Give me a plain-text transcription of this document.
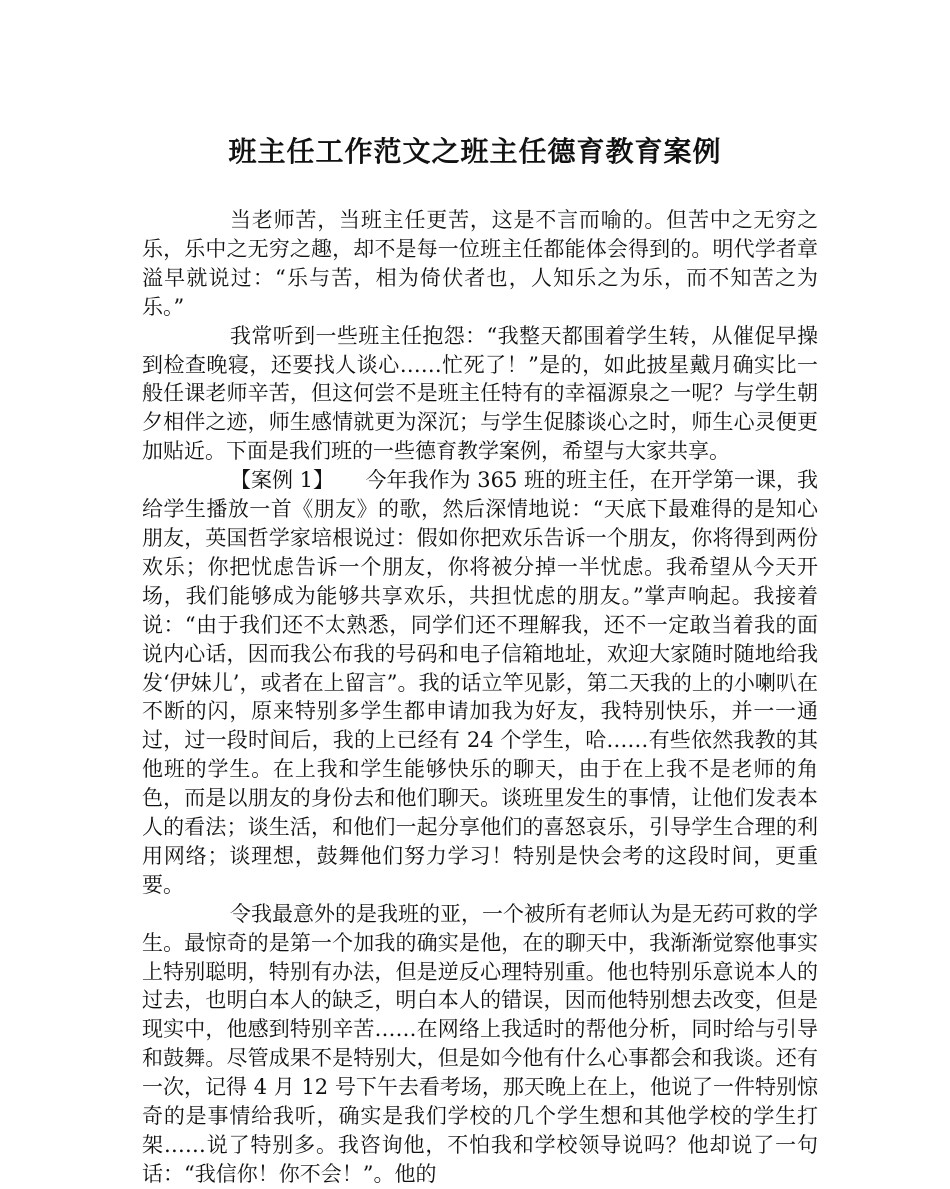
班主任工作范文之班主任德育教育案例

当老师苦，当班主任更苦，这是不言而喻的。但苦中之无穷之乐，乐中之无穷之趣，却不是每一位班主任都能体会得到的。明代学者章溢早就说过：“乐与苦，相为倚伏者也，人知乐之为乐，而不知苦之为乐。”

我常听到一些班主任抱怨：“我整天都围着学生转，从催促早操到检查晚寝，还要找人谈心……忙死了！”是的，如此披星戴月确实比一般任课老师辛苦，但这何尝不是班主任特有的幸福源泉之一呢？与学生朝夕相伴之迹，师生感情就更为深沉；与学生促膝谈心之时，师生心灵便更加贴近。下面是我们班的一些德育教学案例，希望与大家共享。

【案例 1】　　今年我作为 365 班的班主任，在开学第一课，我给学生播放一首《朋友》的歌，然后深情地说：“天底下最难得的是知心朋友，英国哲学家培根说过：假如你把欢乐告诉一个朋友，你将得到两份欢乐；你把忧虑告诉一个朋友，你将被分掉一半忧虑。我希望从今天开场，我们能够成为能够共享欢乐，共担忧虑的朋友。”掌声响起。我接着说：“由于我们还不太熟悉，同学们还不理解我，还不一定敢当着我的面说内心话，因而我公布我的号码和电子信箱地址，欢迎大家随时随地给我发‘伊妹儿’，或者在上留言”。我的话立竿见影，第二天我的上的小喇叭在不断的闪，原来特别多学生都申请加我为好友，我特别快乐，并一一通过，过一段时间后，我的上已经有 24 个学生，哈……有些依然我教的其他班的学生。在上我和学生能够快乐的聊天，由于在上我不是老师的角色，而是以朋友的身份去和他们聊天。谈班里发生的事情，让他们发表本人的看法；谈生活，和他们一起分享他们的喜怒哀乐，引导学生合理的利用网络；谈理想，鼓舞他们努力学习！特别是快会考的这段时间，更重要。

令我最意外的是我班的亚，一个被所有老师认为是无药可救的学生。最惊奇的是第一个加我的确实是他，在的聊天中，我渐渐觉察他事实上特别聪明，特别有办法，但是逆反心理特别重。他也特别乐意说本人的过去，也明白本人的缺乏，明白本人的错误，因而他特别想去改变，但是现实中，他感到特别辛苦……在网络上我适时的帮他分析，同时给与引导和鼓舞。尽管成果不是特别大，但是如今他有什么心事都会和我谈。还有一次，记得 4 月 12 号下午去看考场，那天晚上在上，他说了一件特别惊奇的是事情给我听，确实是我们学校的几个学生想和其他学校的学生打架……说了特别多。我咨询他，不怕我和学校领导说吗？他却说了一句话：“我信你！你不会！”。他的
